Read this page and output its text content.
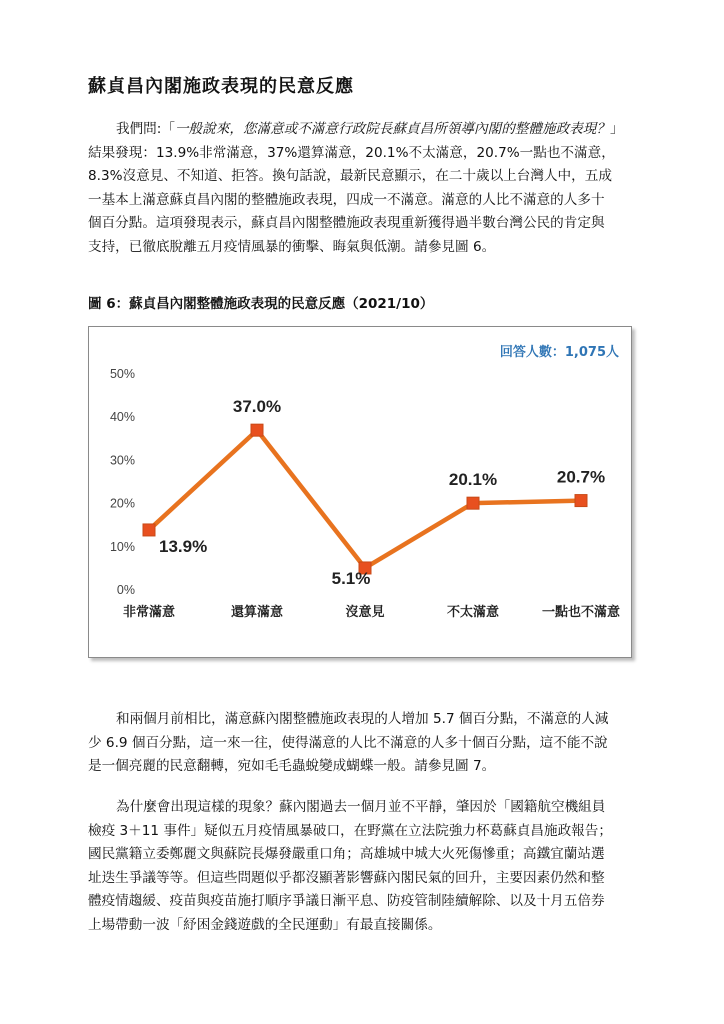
蘇貞昌內閣施政表現的民意反應
我們問:「一般說來，您滿意或不滿意行政院長蘇貞昌所領導內閣的整體施政表現？」
結果發現：13.9%非常滿意，37%還算滿意，20.1%不太滿意，20.7%一點也不滿意，
8.3%沒意見、不知道、拒答。換句話說，最新民意顯示，在二十歲以上台灣人中，五成
一基本上滿意蘇貞昌內閣的整體施政表現，四成一不滿意。滿意的人比不滿意的人多十
個百分點。這項發現表示，蘇貞昌內閣整體施政表現重新獲得過半數台灣公民的肯定與
支持，已徹底脫離五月疫情風暴的衝擊、晦氣與低潮。請參見圖 6。
圖 6：蘇貞昌內閣整體施政表現的民意反應（2021/10）
回答人數：1,075人
0%
10%
20%
30%
40%
50%
非常滿意	還算滿意	沒意見	不太滿意	一點也不滿意
13.9%
37.0%
5.1%
20.1%	20.7%
和兩個月前相比，滿意蘇內閣整體施政表現的人增加 5.7 個百分點，不滿意的人減
少 6.9 個百分點，這一來一往，使得滿意的人比不滿意的人多十個百分點，這不能不說
是一個亮麗的民意翻轉，宛如毛毛蟲蛻變成蝴蝶一般。請參見圖 7。
為什麼會出現這樣的現象？蘇內閣過去一個月並不平靜，肇因於「國籍航空機組員
檢疫 3＋11 事件」疑似五月疫情風暴破口，在野黨在立法院強力杯葛蘇貞昌施政報告；
國民黨籍立委鄭麗文與蘇院長爆發嚴重口角；高雄城中城大火死傷慘重；高鐵宜蘭站選
址迭生爭議等等。但這些問題似乎都沒顯著影響蘇內閣民氣的回升，主要因素仍然和整
體疫情趨緩、疫苗與疫苗施打順序爭議日漸平息、防疫管制陸續解除、以及十月五倍券
上場帶動一波「紓困金錢遊戲的全民運動」有最直接關係。
